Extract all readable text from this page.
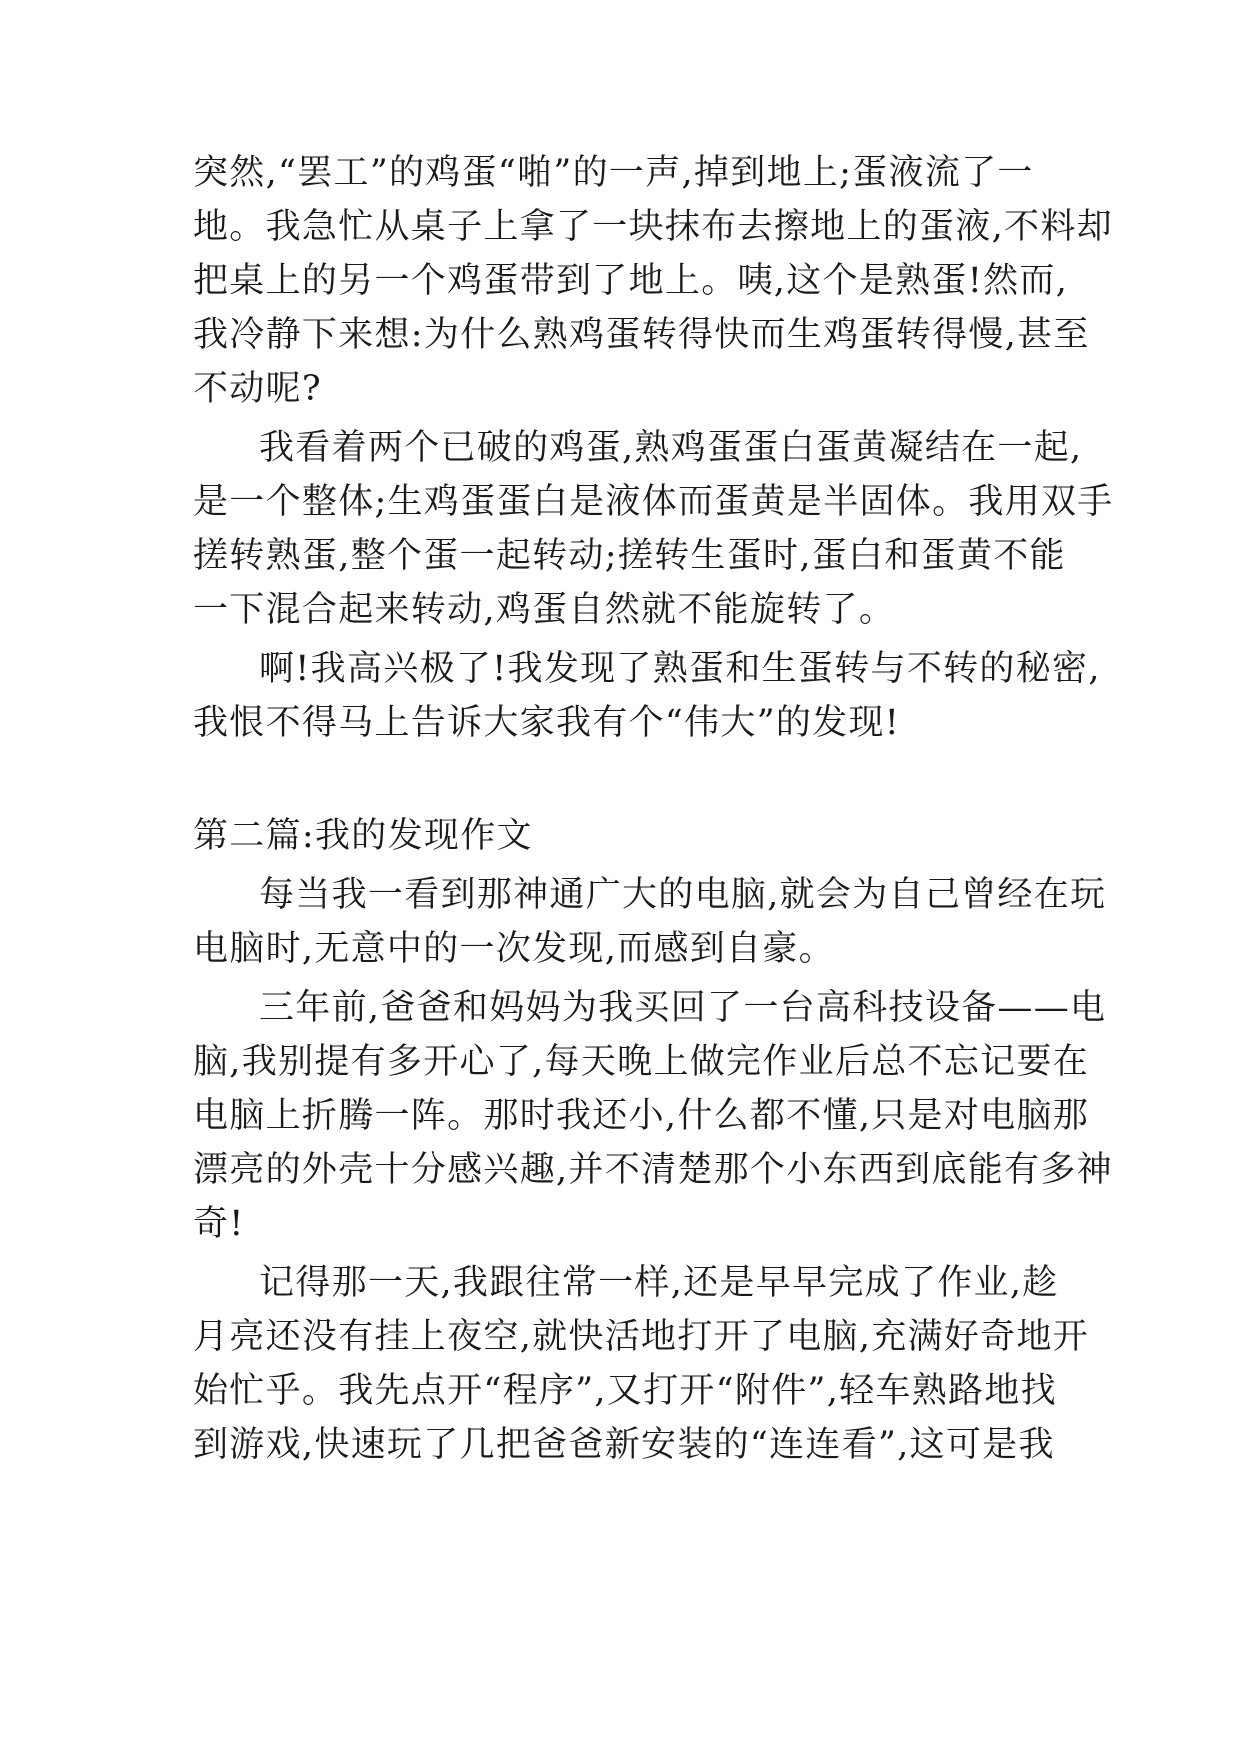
突然,“罢工”的鸡蛋“啪”的一声,掉到地上;蛋液流了一
地。我急忙从桌子上拿了一块抹布去擦地上的蛋液,不料却
把桌上的另一个鸡蛋带到了地上。咦,这个是熟蛋!然而,
我冷静下来想:为什么熟鸡蛋转得快而生鸡蛋转得慢,甚至
不动呢?
我看着两个已破的鸡蛋,熟鸡蛋蛋白蛋黄凝结在一起,
是一个整体;生鸡蛋蛋白是液体而蛋黄是半固体。我用双手
搓转熟蛋,整个蛋一起转动;搓转生蛋时,蛋白和蛋黄不能
一下混合起来转动,鸡蛋自然就不能旋转了。
啊!我高兴极了!我发现了熟蛋和生蛋转与不转的秘密,
我恨不得马上告诉大家我有个“伟大”的发现!
第二篇:我的发现作文
每当我一看到那神通广大的电脑,就会为自己曾经在玩
电脑时,无意中的一次发现,而感到自豪。
三年前,爸爸和妈妈为我买回了一台高科技设备——电
脑,我别提有多开心了,每天晚上做完作业后总不忘记要在
电脑上折腾一阵。那时我还小,什么都不懂,只是对电脑那
漂亮的外壳十分感兴趣,并不清楚那个小东西到底能有多神
奇!
记得那一天,我跟往常一样,还是早早完成了作业,趁
月亮还没有挂上夜空,就快活地打开了电脑,充满好奇地开
始忙乎。我先点开“程序”,又打开“附件”,轻车熟路地找
到游戏,快速玩了几把爸爸新安装的“连连看”,这可是我
